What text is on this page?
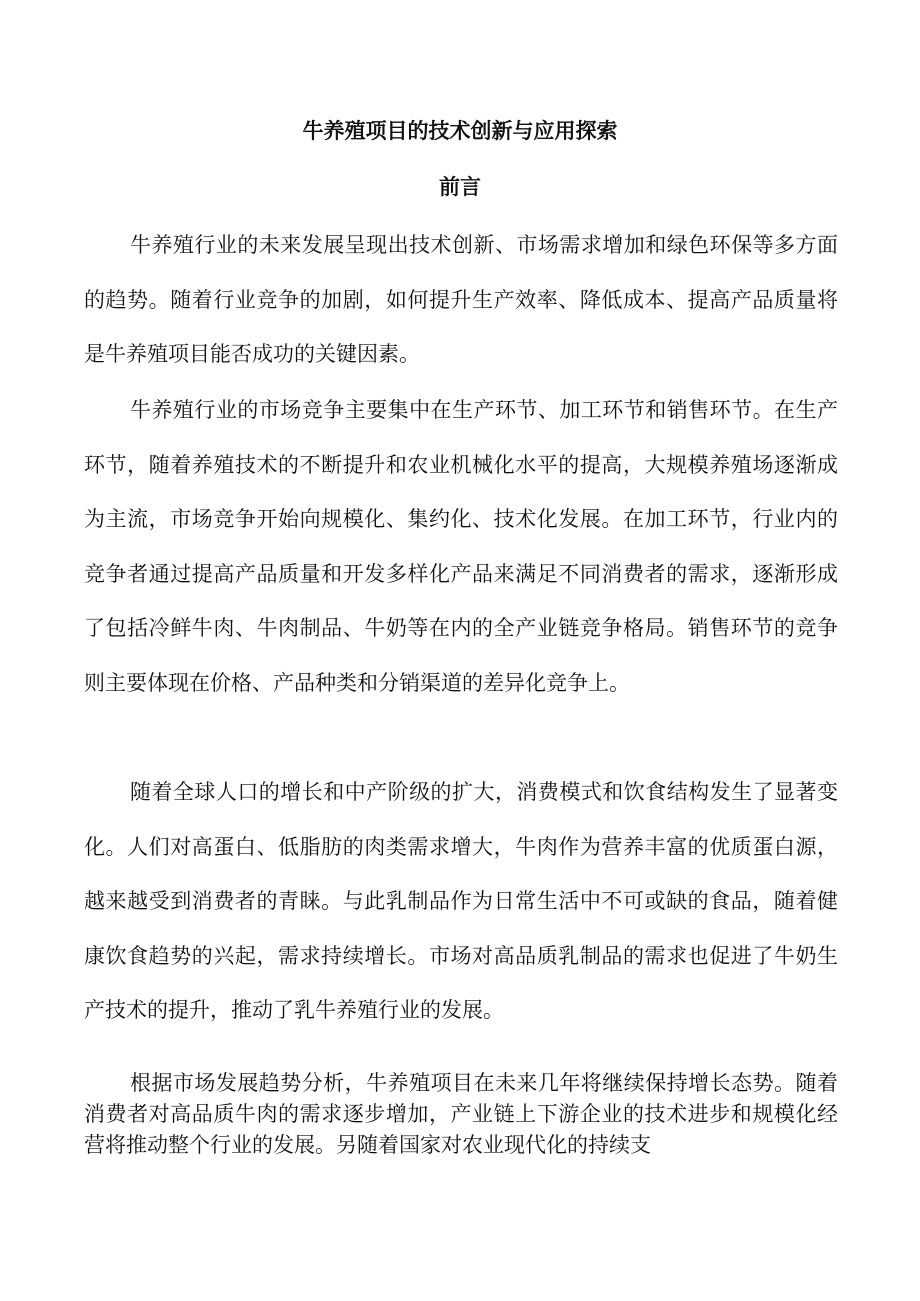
牛养殖项目的技术创新与应用探索
前言

牛养殖行业的未来发展呈现出技术创新、市场需求增加和绿色环保等多方面的趋势。随着行业竞争的加剧，如何提升生产效率、降低成本、提高产品质量将是牛养殖项目能否成功的关键因素。

牛养殖行业的市场竞争主要集中在生产环节、加工环节和销售环节。在生产环节，随着养殖技术的不断提升和农业机械化水平的提高，大规模养殖场逐渐成为主流，市场竞争开始向规模化、集约化、技术化发展。在加工环节，行业内的竞争者通过提高产品质量和开发多样化产品来满足不同消费者的需求，逐渐形成了包括冷鲜牛肉、牛肉制品、牛奶等在内的全产业链竞争格局。销售环节的竞争则主要体现在价格、产品种类和分销渠道的差异化竞争上。

随着全球人口的增长和中产阶级的扩大，消费模式和饮食结构发生了显著变化。人们对高蛋白、低脂肪的肉类需求增大，牛肉作为营养丰富的优质蛋白源，越来越受到消费者的青睐。与此乳制品作为日常生活中不可或缺的食品，随着健康饮食趋势的兴起，需求持续增长。市场对高品质乳制品的需求也促进了牛奶生产技术的提升，推动了乳牛养殖行业的发展。

根据市场发展趋势分析，牛养殖项目在未来几年将继续保持增长态势。随着消费者对高品质牛肉的需求逐步增加，产业链上下游企业的技术进步和规模化经营将推动整个行业的发展。另随着国家对农业现代化的持续支
